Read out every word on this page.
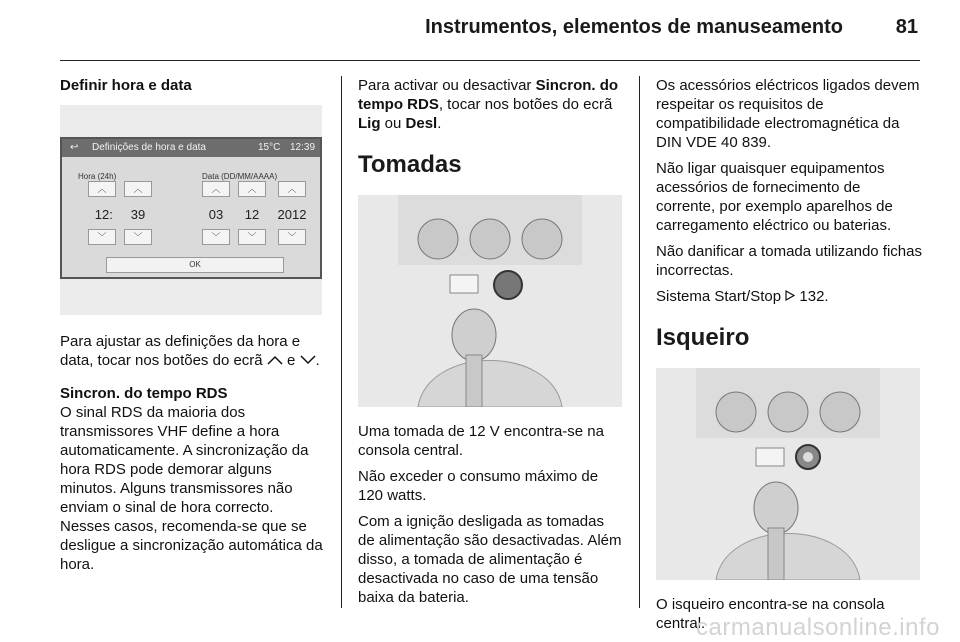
Instrumentos, elementos de manuseamento	81
Definir hora e data
↩ Definições de hora e data	15°C 12:39
Hora (24h)	Data (DD/MM/AAAA)
︿	︿	︿	︿	︿
12 :	39	03	12	2012
﹀	﹀	﹀	﹀	﹀
OK

Para ajustar as definições da hora e data, tocar nos botões do ecrã e .

Sincron. do tempo RDS

O sinal RDS da maioria dos transmissores VHF define a hora automaticamente. A sincronização da hora RDS pode demorar alguns minutos. Alguns transmissores não enviam o sinal de hora correcto. Nesses casos, recomenda-se que se desligue a sincronização automática da hora.

Para activar ou desactivar Sincron. do tempo RDS, tocar nos botões do ecrã Lig ou Desl.

Tomadas

Uma tomada de 12 V encontra-se na consola central.

Não exceder o consumo máximo de 120 watts.

Com a ignição desligada as tomadas de alimentação são desactivadas. Além disso, a tomada de alimentação é desactivada no caso de uma tensão baixa da bateria.

Os acessórios eléctricos ligados devem respeitar os requisitos de compatibilidade electromagnética da DIN VDE 40 839.

Não ligar quaisquer equipamentos acessórios de fornecimento de corrente, por exemplo aparelhos de carregamento eléctrico ou baterias.

Não danificar a tomada utilizando fichas incorrectas.

Sistema Start/Stop 132.

Isqueiro

O isqueiro encontra-se na consola central.

carmanualsonline.info
